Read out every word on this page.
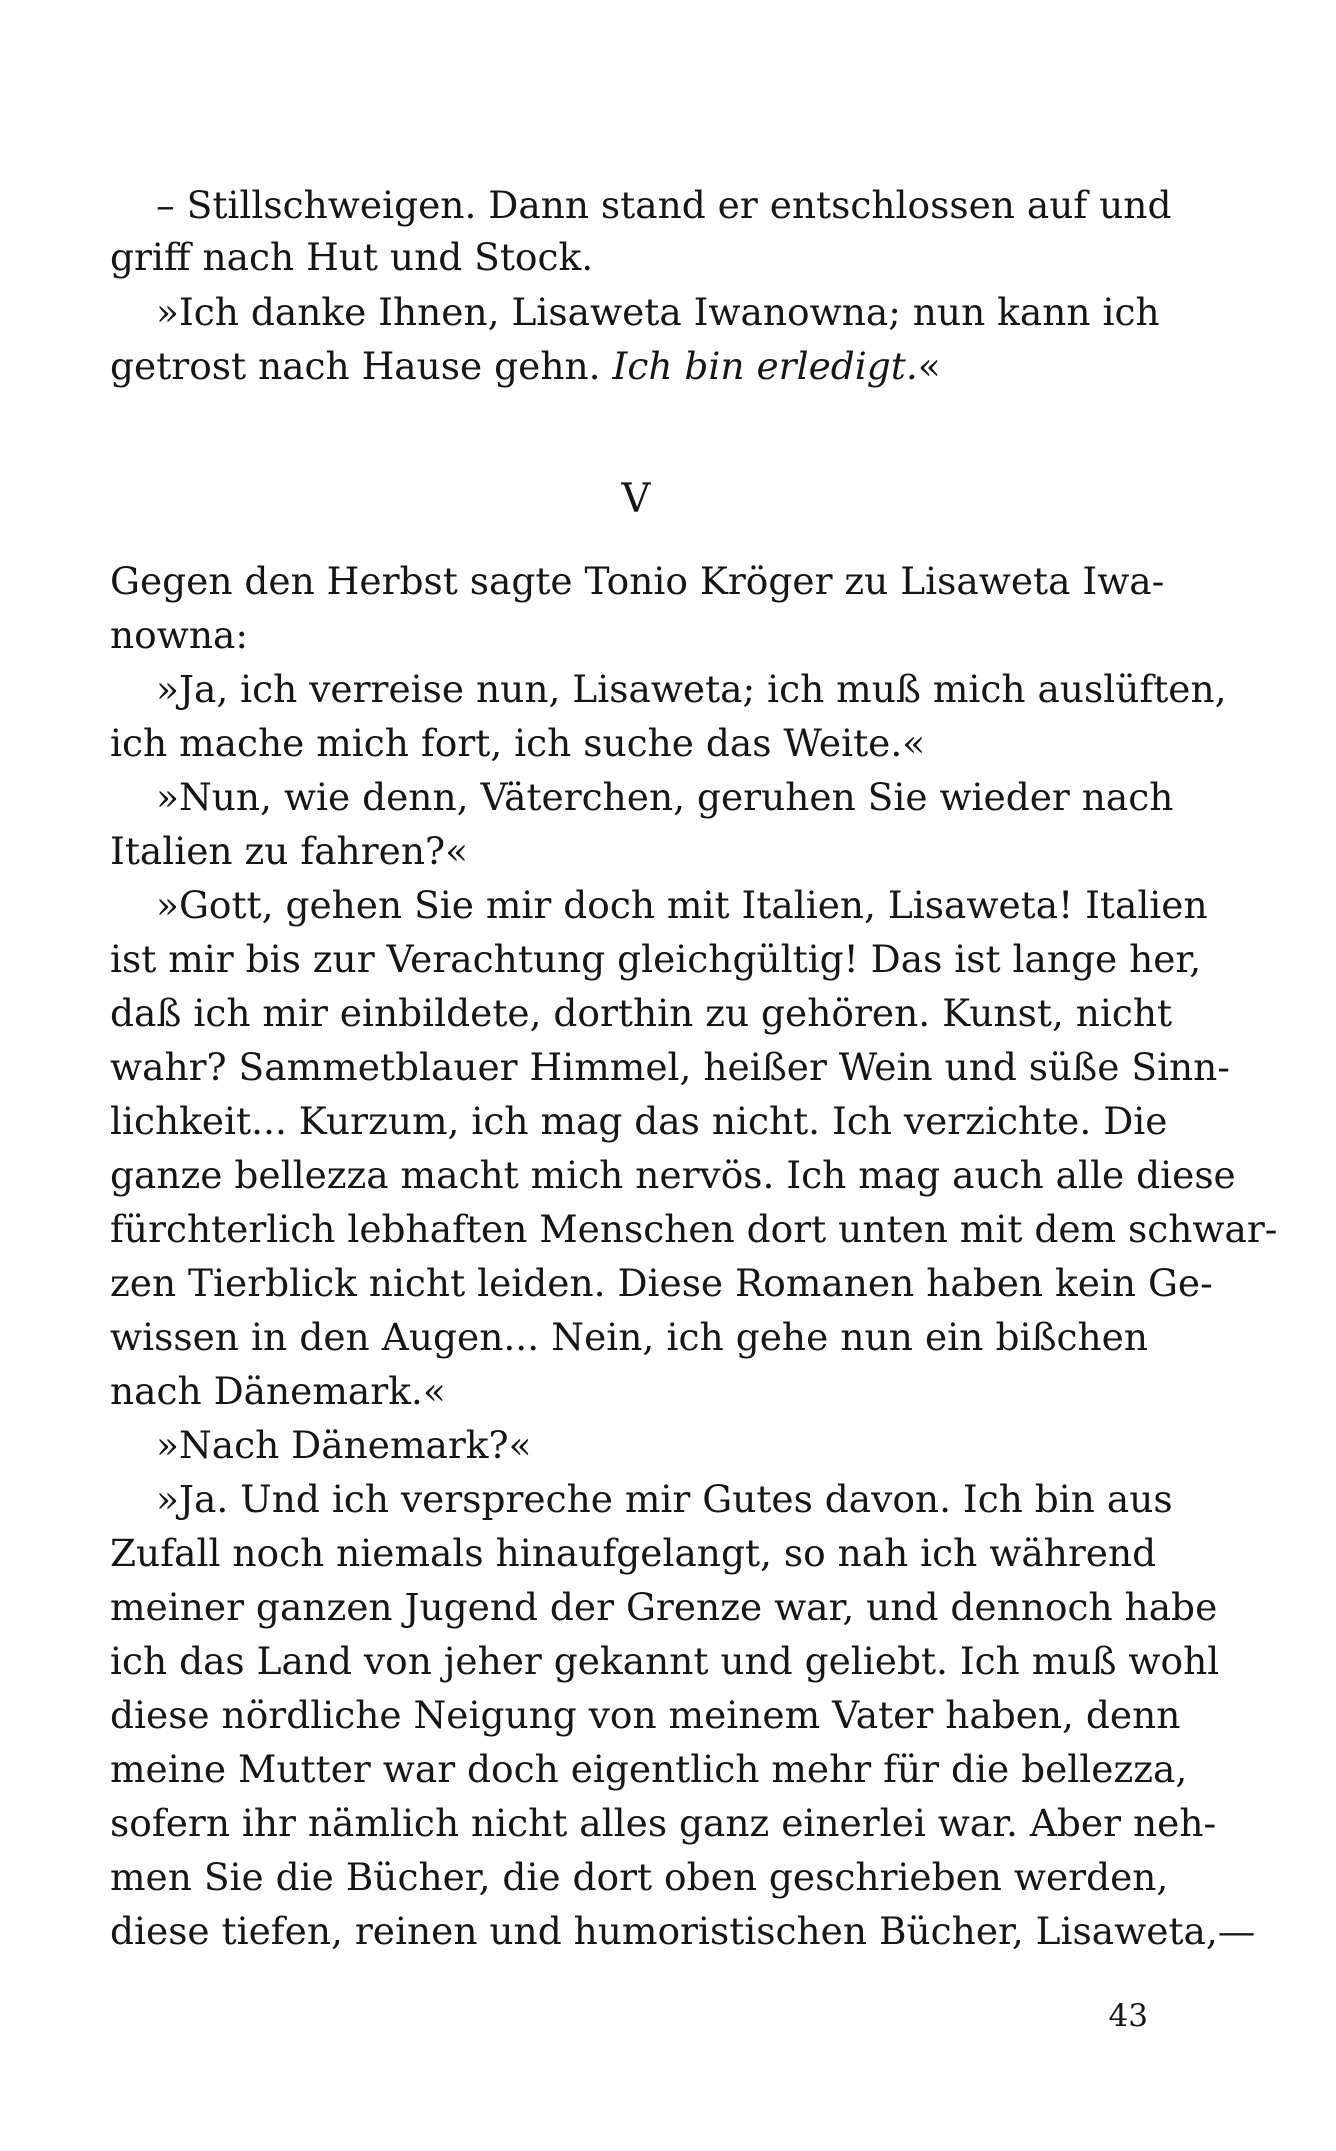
– Stillschweigen. Dann stand er entschlossen auf und
griff nach Hut und Stock.
»Ich danke Ihnen, Lisaweta Iwanowna; nun kann ich
getrost nach Hause gehn. Ich bin erledigt.«
V
Gegen den Herbst sagte Tonio Kröger zu Lisaweta Iwa-
nowna:
»Ja, ich verreise nun, Lisaweta; ich muß mich auslüften,
ich mache mich fort, ich suche das Weite.«
»Nun, wie denn, Väterchen, geruhen Sie wieder nach
Italien zu fahren?«
»Gott, gehen Sie mir doch mit Italien, Lisaweta! Italien
ist mir bis zur Verachtung gleichgültig! Das ist lange her,
daß ich mir einbildete, dorthin zu gehören. Kunst, nicht
wahr? Sammetblauer Himmel, heißer Wein und süße Sinn-
lichkeit... Kurzum, ich mag das nicht. Ich verzichte. Die
ganze bellezza macht mich nervös. Ich mag auch alle diese
fürchterlich lebhaften Menschen dort unten mit dem schwar-
zen Tierblick nicht leiden. Diese Romanen haben kein Ge-
wissen in den Augen... Nein, ich gehe nun ein bißchen
nach Dänemark.«
»Nach Dänemark?«
»Ja. Und ich verspreche mir Gutes davon. Ich bin aus
Zufall noch niemals hinaufgelangt, so nah ich während
meiner ganzen Jugend der Grenze war, und dennoch habe
ich das Land von jeher gekannt und geliebt. Ich muß wohl
diese nördliche Neigung von meinem Vater haben, denn
meine Mutter war doch eigentlich mehr für die bellezza,
sofern ihr nämlich nicht alles ganz einerlei war. Aber neh-
men Sie die Bücher, die dort oben geschrieben werden,
diese tiefen, reinen und humoristischen Bücher, Lisaweta,—
43
